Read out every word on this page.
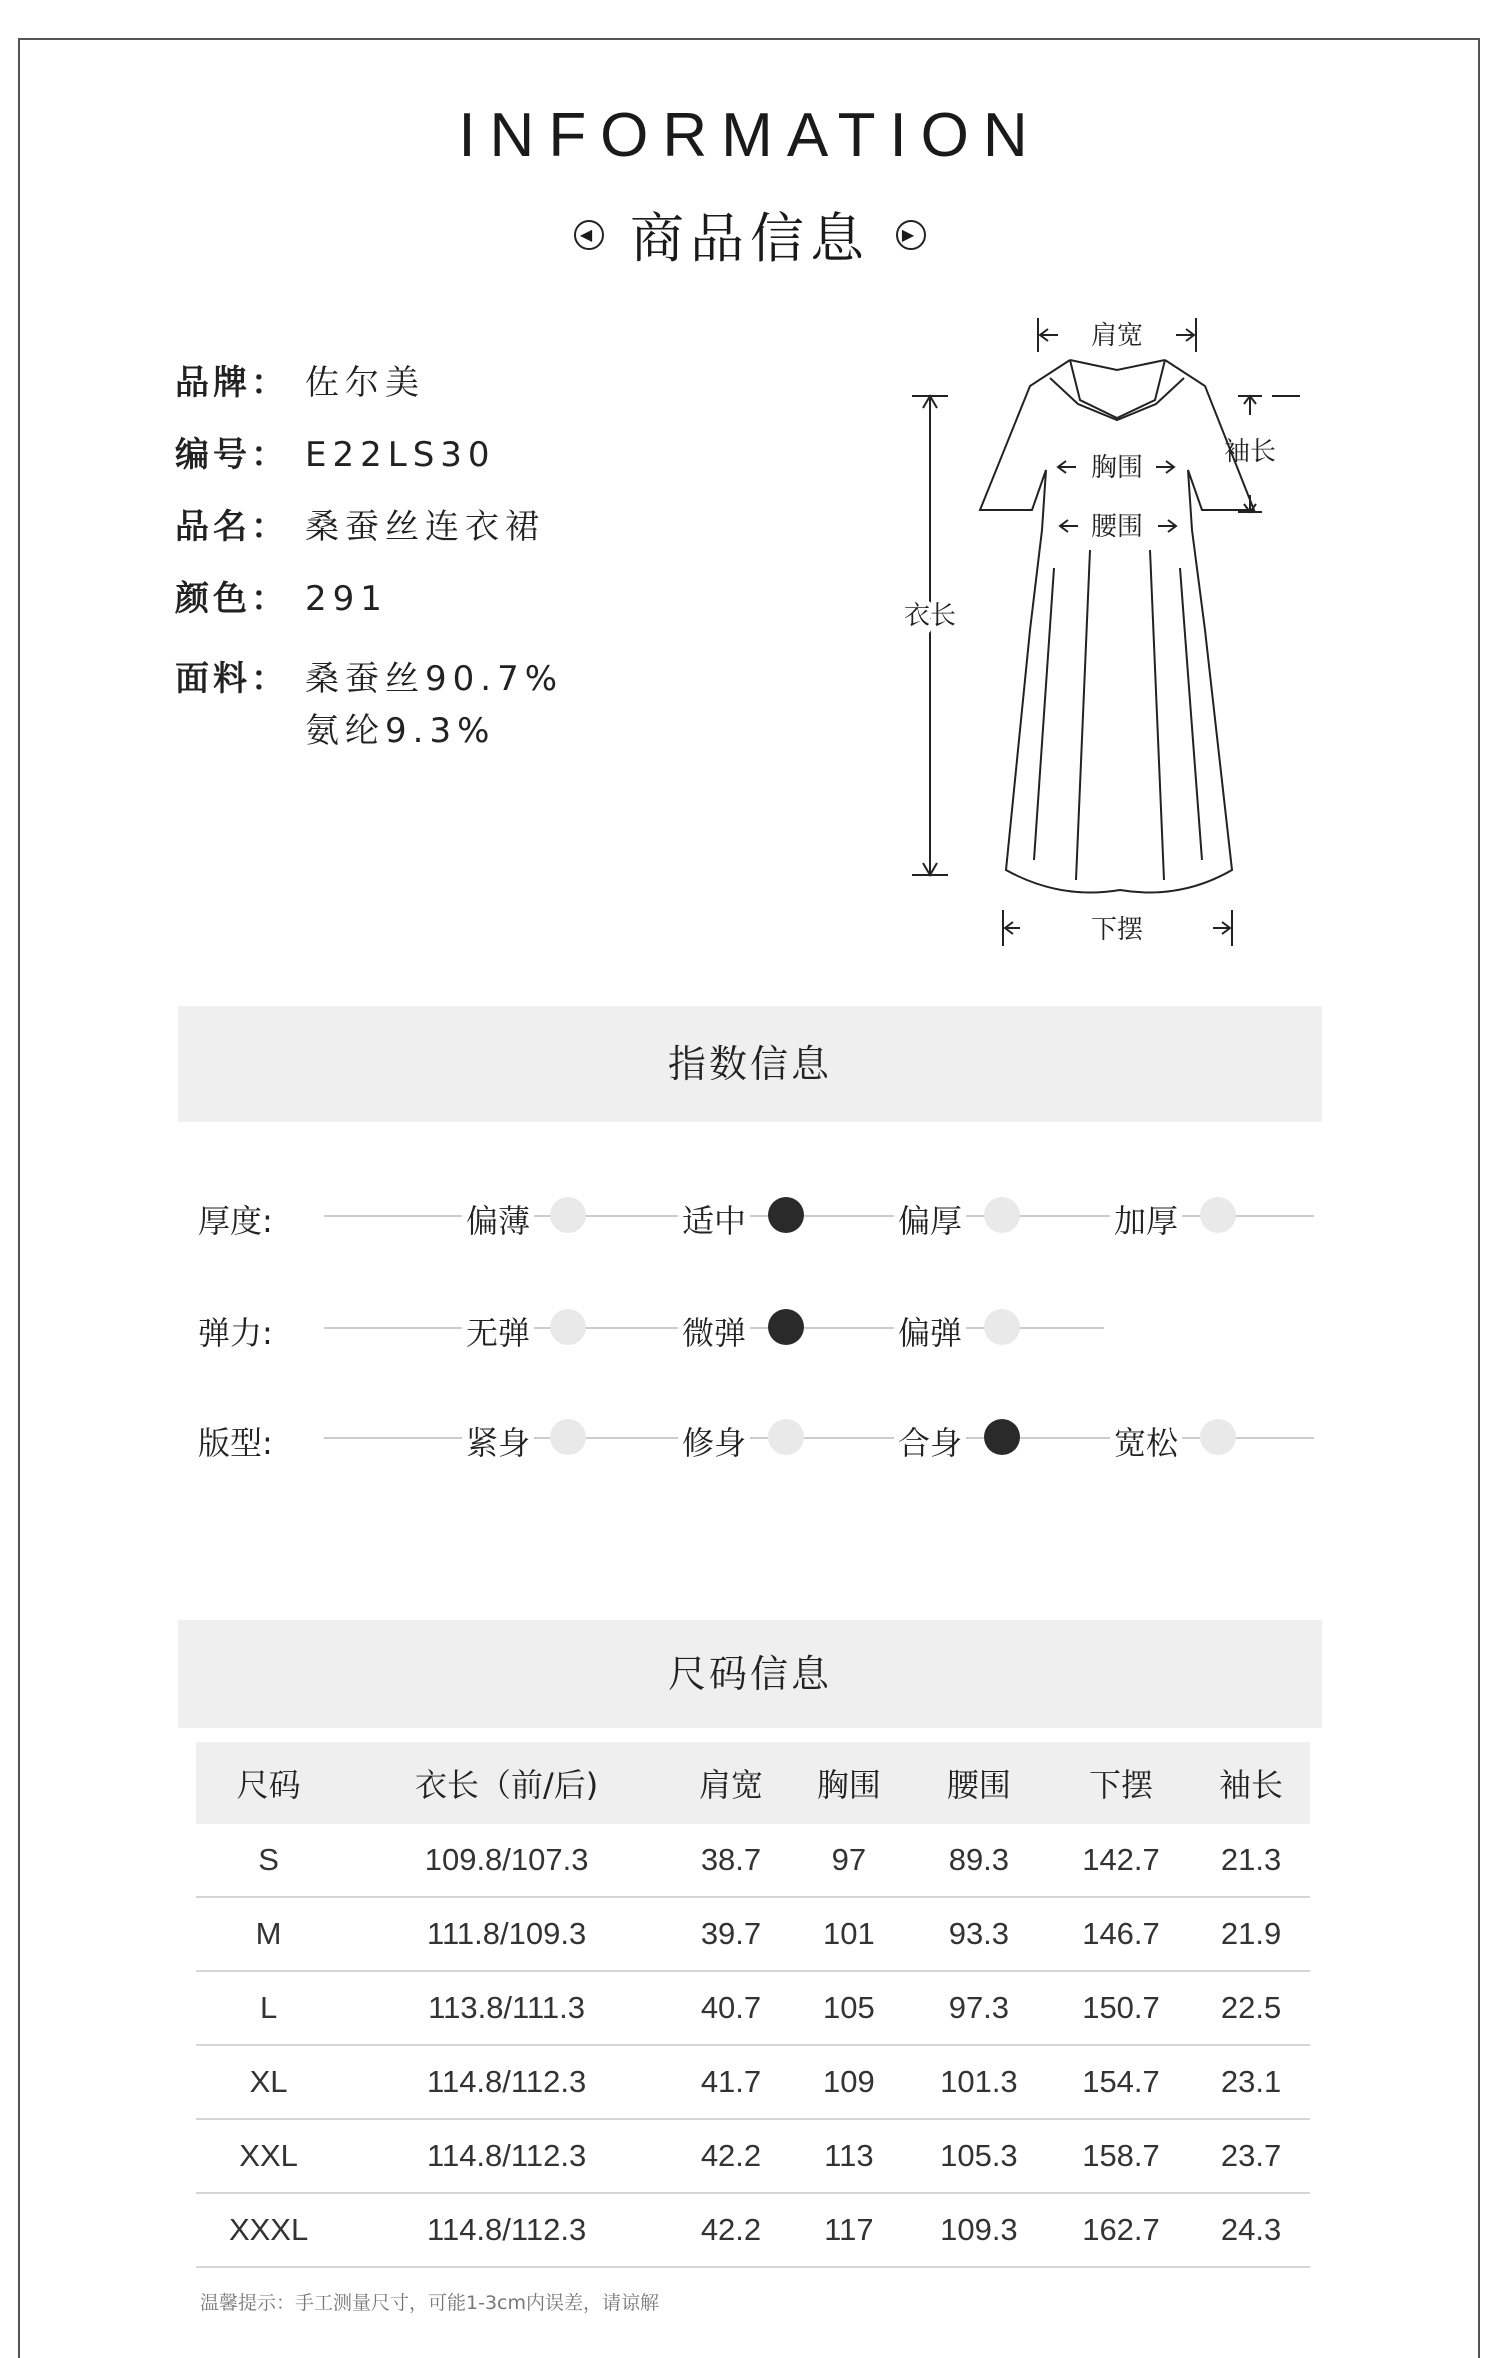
INFORMATION
◀ 商品信息	▶
品牌： 佐尔美
编号： E22LS30
品名： 桑蚕丝连衣裙
颜色： 291
面料： 桑蚕丝90.7%
氨纶9.3%
肩宽
袖长
胸围
腰围
衣长
下摆
指数信息
厚度:	偏薄	适中	偏厚	加厚
弹力:	无弹	微弹	偏弹
版型:	紧身	修身	合身	宽松
尺码信息
尺码	衣长（前/后)	肩宽	胸围	腰围	下摆	袖长
S	109.8/107.3	38.7	97	89.3	142.7	21.3
M	111.8/109.3	39.7	101	93.3	146.7	21.9
L	113.8/111.3	40.7	105	97.3	150.7	22.5
XL	114.8/112.3	41.7	109	101.3	154.7	23.1
XXL	114.8/112.3	42.2	113	105.3	158.7	23.7
XXXL	114.8/112.3	42.2	117	109.3	162.7	24.3
温馨提示：手工测量尺寸，可能1-3cm内误差，请谅解
